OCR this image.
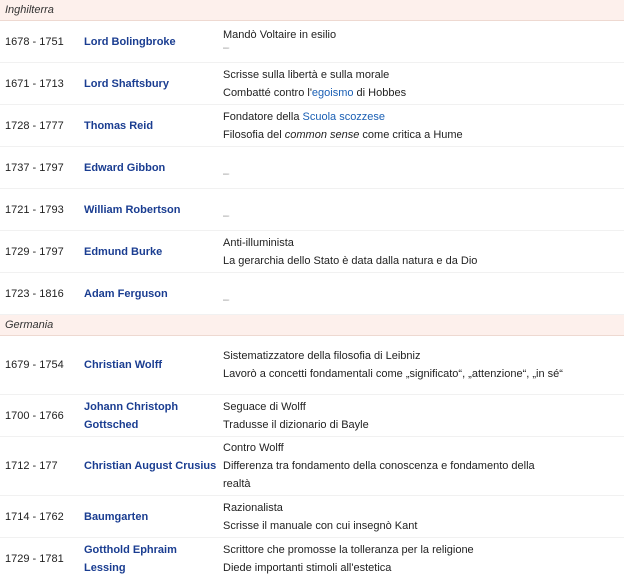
Inghilterra
1678 - 1751	Lord Bolingbroke
Mandò Voltaire in esilio
"""
1671 - 1713	Lord Shaftsbury
Scrisse sulla libertà e sulla morale
Combatté contro l'egoismo di Hobbes
1728 - 1777	Thomas Reid
Fondatore della Scuola scozzese
Filosofia del common sense come critica a Hume
1737 - 1797	Edward Gibbon

"""
1721 - 1793	William Robertson

"""
1729 - 1797	Edmund Burke
Anti-illuminista
La gerarchia dello Stato è data dalla natura e da Dio
1723 - 1816	Adam Ferguson

"""
Germania
1679 - 1754	Christian Wolff
Sistematizzatore della filosofia di Leibniz
Lavorò a concetti fondamentali come „significato“, „attenzione“, „in sé“
1700 - 1766
Johann Christoph Gottsched
Seguace di Wolff
Tradusse il dizionario di Bayle
1712 - 177	Christian August Crusius
Contro Wolff
Differenza tra fondamento della conoscenza e fondamento della realtà
1714 - 1762	Baumgarten
Razionalista
Scrisse il manuale con cui insegnò Kant
1729 - 1781
Gotthold Ephraim Lessing
Scrittore che promosse la tolleranza per la religione
Diede importanti stimoli all'estetica
